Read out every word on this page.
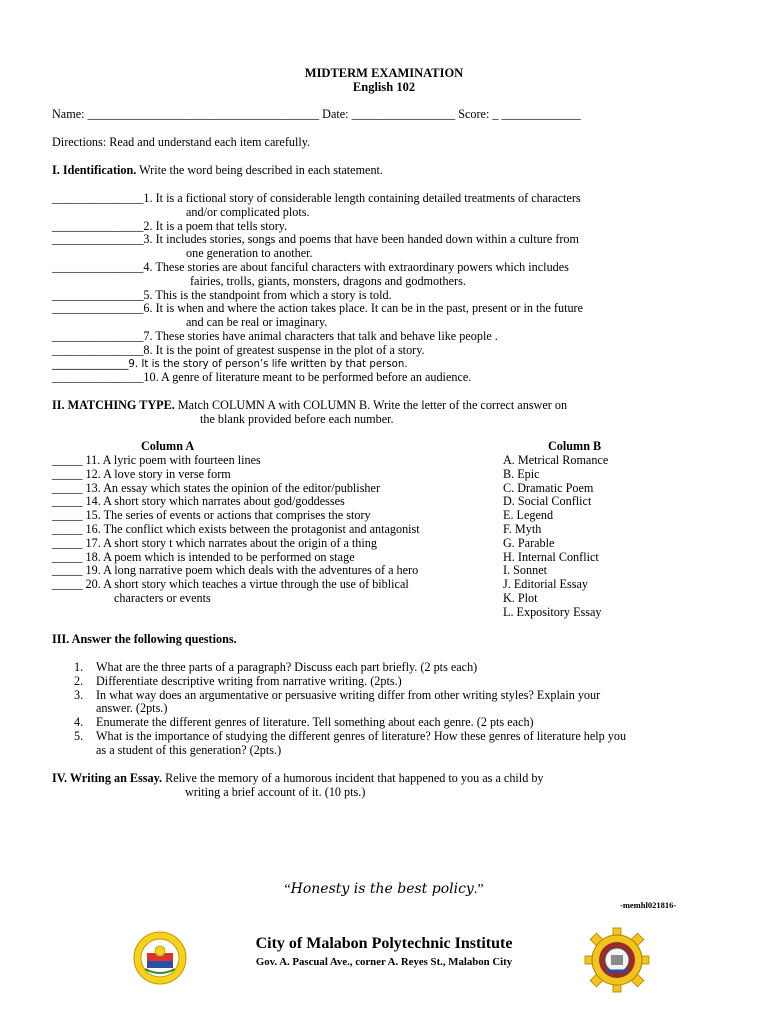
MIDTERM EXAMINATION
English 102
Name: ______________________________________ Date: _________________ Score: _ _____________
Directions: Read and understand each item carefully.
I. Identification. Write the word being described in each statement.
_______________1. It is a fictional story of considerable length containing detailed treatments of characters
and/or complicated plots.
_______________2. It is a poem that tells story.
_______________3. It includes stories, songs and poems that have been handed down within a culture from
one generation to another.
_______________4. These stories are about fanciful characters with extraordinary powers which includes
fairies, trolls, giants, monsters, dragons and godmothers.
_______________5. This is the standpoint from which a story is told.
_______________6. It is when and where the action takes place. It can be in the past, present or in the future
and can be real or imaginary.
_______________7. These stories have animal characters that talk and behave like people .
_______________8. It is the point of greatest suspense in the plot of a story.
_______________9. It is the story of person’s life written by that person.
_______________10. A genre of literature meant to be performed before an audience.
II. MATCHING TYPE. Match COLUMN A with COLUMN B. Write the letter of the correct answer on
the blank provided before each number.
Column A	Column B
_____ 11. A lyric poem with fourteen lines
_____ 12. A love story in verse form
_____ 13. An essay which states the opinion of the editor/publisher
_____ 14. A short story which narrates about god/goddesses
_____ 15. The series of events or actions that comprises the story
_____ 16. The conflict which exists between the protagonist and antagonist
_____ 17. A short story t which narrates about the origin of a thing
_____ 18. A poem which is intended to be performed on stage
_____ 19. A long narrative poem which deals with the adventures of a hero
_____ 20. A short story which teaches a virtue through the use of biblical
characters or events
A. Metrical Romance
B. Epic
C. Dramatic Poem
D. Social Conflict
E. Legend
F. Myth
G. Parable
H. Internal Conflict
I. Sonnet
J. Editorial Essay
K. Plot
L. Expository Essay
III. Answer the following questions.
1. What are the three parts of a paragraph? Discuss each part briefly. (2 pts each)
2. Differentiate descriptive writing from narrative writing. (2pts.)
3. In what way does an argumentative or persuasive writing differ from other writing styles? Explain your
answer. (2pts.)
4. Enumerate the different genres of literature. Tell something about each genre. (2 pts each)
5. What is the importance of studying the different genres of literature? How these genres of literature help you
as a student of this generation? (2pts.)
IV. Writing an Essay. Relive the memory of a humorous incident that happened to you as a child by
writing a brief account of it. (10 pts.)
“Honesty is the best policy.”
-memhl021816-
City of Malabon Polytechnic Institute
Gov. A. Pascual Ave., corner A. Reyes St., Malabon City
